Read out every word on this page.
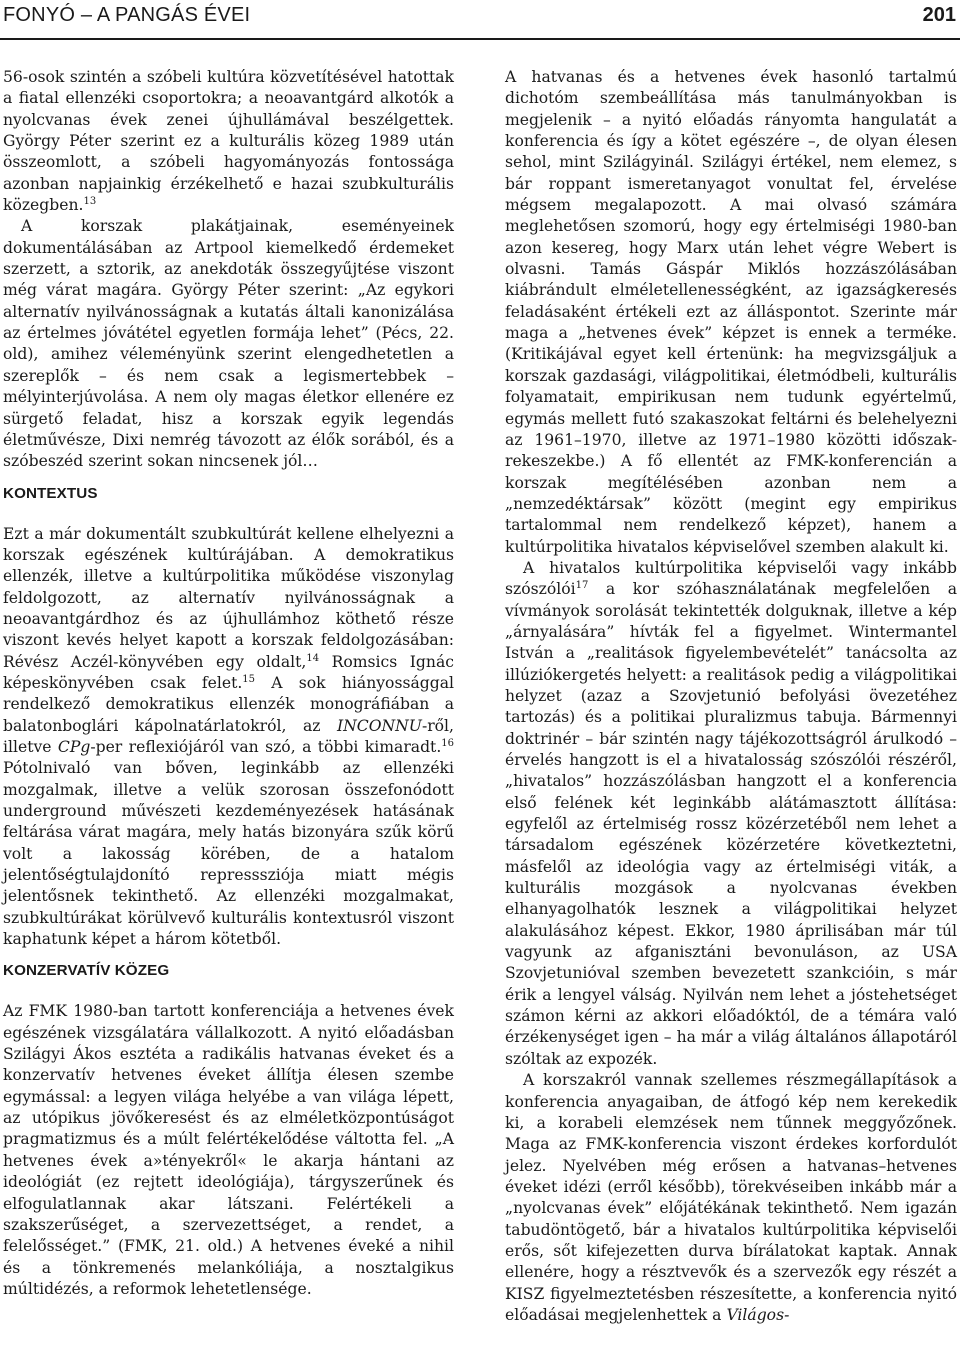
FONYÓ – A PANGÁS ÉVEI	201

56-osok szintén a szóbeli kultúra közvetítésével hatottak a fiatal ellenzéki csoportokra; a neoavantgárd alkotók a nyolcvanas évek zenei újhullámával beszélgettek. György Péter szerint ez a kulturális közeg 1989 után összeomlott, a szóbeli hagyományozás fontossága azonban napjainkig érzékelhető e hazai szubkulturális közegben.$^{13}$

A korszak plakátjainak, eseményeinek dokumentálásában az Artpool kiemelkedő érdemeket szerzett, a sztorik, az anekdoták összegyűjtése viszont még várat magára. György Péter szerint: „Az egykori alternatív nyilvánosságnak a kutatás általi kanonizálása az értelmes jóvátétel egyetlen formája lehet” (Pécs, 22. old), amihez véleményünk szerint elengedhetetlen a szereplők – és nem csak a legismertebbek – mélyinterjúvolása. A nem oly magas életkor ellenére ez sürgető feladat, hisz a korszak egyik legendás életművésze, Dixi nemrég távozott az élők sorából, és a szóbeszéd szerint sokan nincsenek jól…

KONTEXTUS

Ezt a már dokumentált szubkultúrát kellene elhelyezni a korszak egészének kultúrájában. A demokratikus ellenzék, illetve a kultúrpolitika működése viszonylag feldolgozott, az alternatív nyilvánosságnak a neoavantgárdhoz és az újhullámhoz köthető része viszont kevés helyet kapott a korszak feldolgozásában: Révész Aczél-könyvében egy oldalt,$^{14}$ Romsics Ignác képeskönyvében csak felet.$^{15}$ A sok hiányossággal rendelkező demokratikus ellenzék monográfiában a balatonboglári kápolnatárlatokról, az INCONNU-ről, illetve CPg-per reflexiójáról van szó, a többi kimaradt.$^{16}$ Pótolnivaló van bőven, leginkább az ellenzéki mozgalmak, illetve a velük szorosan összefonódott underground művészeti kezdeményezések hatásának feltárása várat magára, mely hatás bizonyára szűk körű volt a lakosság körében, de a hatalom jelentőségtulajdonító represssziója miatt mégis jelentősnek tekinthető. Az ellenzéki mozgalmakat, szubkultúrákat körülvevő kulturális kontextusról viszont kaphatunk képet a három kötetből.

KONZERVATÍV KÖZEG

Az FMK 1980-ban tartott konferenciája a hetvenes évek egészének vizsgálatára vállalkozott. A nyitó előadásban Szilágyi Ákos esztéta a radikális hatvanas éveket és a konzervatív hetvenes éveket állítja élesen szembe egymással: a legyen világa helyébe a van világa lépett, az utópikus jövőkeresést és az elméletközpontúságot pragmatizmus és a múlt felértékelődése váltotta fel. „A hetvenes évek a»tényekről« le akarja hántani az ideológiát (ez rejtett ideológiája), tárgyszerűnek és elfogulatlannak akar látszani. Felértékeli a szakszerűséget, a szervezettséget, a rendet, a felelősséget.” (FMK, 21. old.) A hetvenes éveké a nihil és a tönkremenés melankóliája, a nosztalgikus múltidézés, a reformok lehetetlensége.

A hatvanas és a hetvenes évek hasonló tartalmú dichotóm szembeállítása más tanulmányokban is megjelenik – a nyitó előadás rányomta hangulatát a konferencia és így a kötet egészére –, de olyan élesen sehol, mint Szilágyinál. Szilágyi értékel, nem elemez, s bár roppant ismeretanyagot vonultat fel, érvelése mégsem megalapozott. A mai olvasó számára meglehetősen szomorú, hogy egy értelmiségi 1980-ban azon kesereg, hogy Marx után lehet végre Webert is olvasni. Tamás Gáspár Miklós hozzászólásában kiábrándult elméletellenességként, az igazságkeresés feladásaként értékeli ezt az álláspontot. Szerinte már maga a „hetvenes évek” képzet is ennek a terméke. (Kritikájával egyet kell értenünk: ha megvizsgáljuk a korszak gazdasági, világpolitikai, életmódbeli, kulturális folyamatait, empirikusan nem tudunk egyértelmű, egymás mellett futó szakaszokat feltárni és belehelyezni az 1961–1970, illetve az 1971–1980 közötti időszak-rekeszekbe.) A fő ellentét az FMK-konferencián a korszak megítélésében azonban nem a „nemzedéktársak” között (megint egy empirikus tartalommal nem rendelkező képzet), hanem a kultúrpolitika hivatalos képviselővel szemben alakult ki.

A hivatalos kultúrpolitika képviselői vagy inkább szószólói$^{17}$ a kor szóhasználatának megfelelően a vívmányok sorolását tekintették dolguknak, illetve a kép „árnyalására” hívták fel a figyelmet. Wintermantel István a „realitások figyelembevételét” tanácsolta az illúziókergetés helyett: a realitások pedig a világpolitikai helyzet (azaz a Szovjetunió befolyási övezetéhez tartozás) és a politikai pluralizmus tabuja. Bármennyi doktrinér – bár szintén nagy tájékozottságról árulkodó – érvelés hangzott is el a hivatalosság szószólói részéről, „hivatalos” hozzászólásban hangzott el a konferencia első felének két leginkább alátámasztott állítása: egyfelől az értelmiség rossz közérzetéből nem lehet a társadalom egészének közérzetére következtetni, másfelől az ideológia vagy az értelmiségi viták, a kulturális mozgások a nyolcvanas években elhanyagolhatók lesznek a világpolitikai helyzet alakulásához képest. Ekkor, 1980 áprilisában már túl vagyunk az afganisztáni bevonuláson, az USA Szovjetunióval szemben bevezetett szankcióin, s már érik a lengyel válság. Nyilván nem lehet a jóstehetséget számon kérni az akkori előadóktól, de a témára való érzékenységet igen – ha már a világ általános állapotáról szóltak az expozék.

A korszakról vannak szellemes részmegállapítások a konferencia anyagaiban, de átfogó kép nem kerekedik ki, a korabeli elemzések nem tűnnek meggyőzőnek. Maga az FMK-konferencia viszont érdekes korfordulót jelez. Nyelvében még erősen a hatvanas–hetvenes éveket idézi (erről később), törekvéseiben inkább már a „nyolcvanas évek” előjátékának tekinthető. Nem igazán tabudöntögető, bár a hivatalos kultúrpolitika képviselői erős, sőt kifejezetten durva bírálatokat kaptak. Annak ellenére, hogy a résztvevők és a szervezők egy részét a KISZ figyelmeztetésben részesítette, a konferencia nyitó előadásai megjelenhettek a Világos-
